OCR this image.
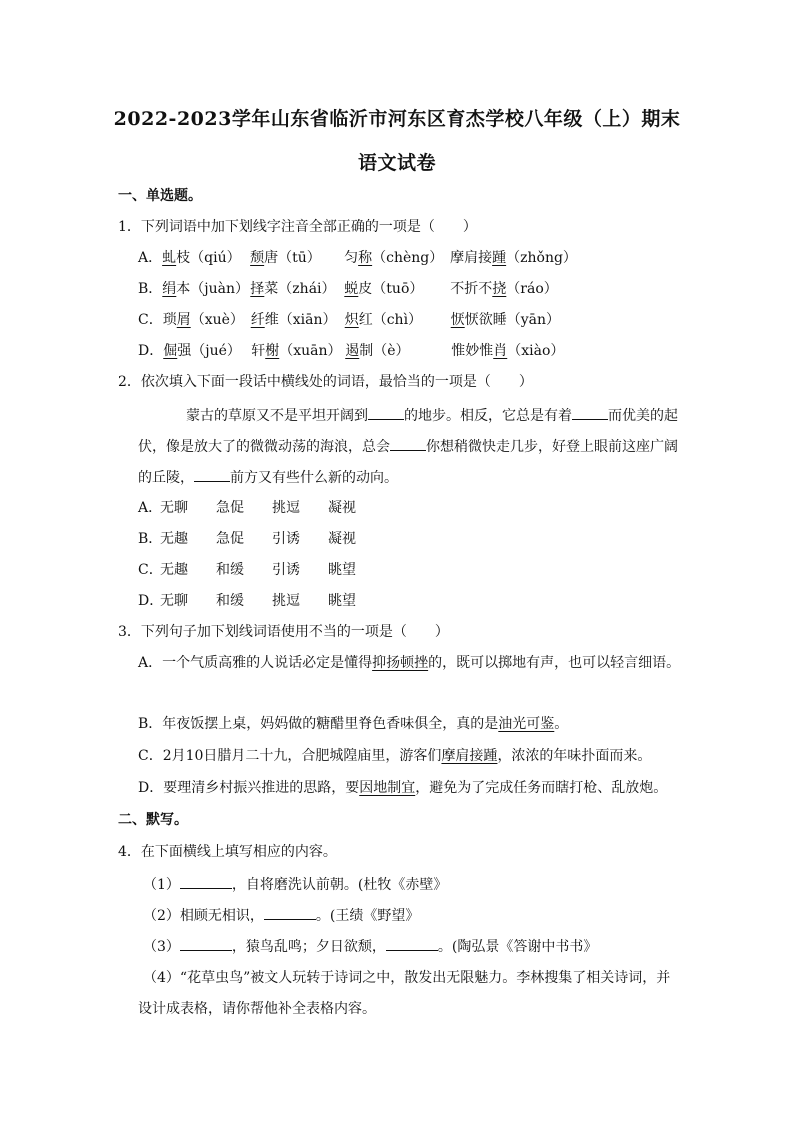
2022-2023学年山东省临沂市河东区育杰学校八年级（上）期末
语文试卷
一、单选题。
1．下列词语中加下划线字注音全部正确的一项是（　　）
A．虬枝（qiú） 颓唐（tū） 匀称（chèng） 摩肩接踵（zhǒng）
B．绢本（juàn）择菜（zhái） 蜕皮（tuō） 不折不挠（ráo）
C．琐屑（xuè） 纤维（xiān） 炽红（chì） 恹恹欲睡（yān）
D．倔强（jué） 轩榭（xuān） 遏制（è）	惟妙惟肖（xiào）
2．依次填入下面一段话中横线处的词语，最恰当的一项是（　　）
蒙古的草原又不是平坦开阔到	的地步。相反，它总是有着	而优美的起
伏，像是放大了的微微动荡的海浪，总会	你想稍微快走几步，好登上眼前这座广阔
的丘陵，	前方又有些什么新的动向。
A．无聊 急促 挑逗 凝视
B．无趣 急促 引诱 凝视
C．无趣 和缓 引诱 眺望
D．无聊 和缓 挑逗 眺望
3．下列句子加下划线词语使用不当的一项是（　　）
A．一个气质高雅的人说话必定是懂得抑扬顿挫的，既可以掷地有声，也可以轻言细语。
B．年夜饭摆上桌，妈妈做的糖醋里脊色香味俱全，真的是油光可鉴。
C．2月10日腊月二十九，合肥城隍庙里，游客们摩肩接踵，浓浓的年味扑面而来。
D．要理清乡村振兴推进的思路，要因地制宜，避免为了完成任务而瞎打枪、乱放炮。
二、默写。
4．在下面横线上填写相应的内容。
（1）	，自将磨洗认前朝。(杜牧《赤壁》
（2）相顾无相识，	。(王绩《野望》
（3）	，猿鸟乱鸣；夕日欲颓，	。(陶弘景《答谢中书书》
（4）“花草虫鸟”被文人玩转于诗词之中，散发出无限魅力。李林搜集了相关诗词，并
设计成表格，请你帮他补全表格内容。
